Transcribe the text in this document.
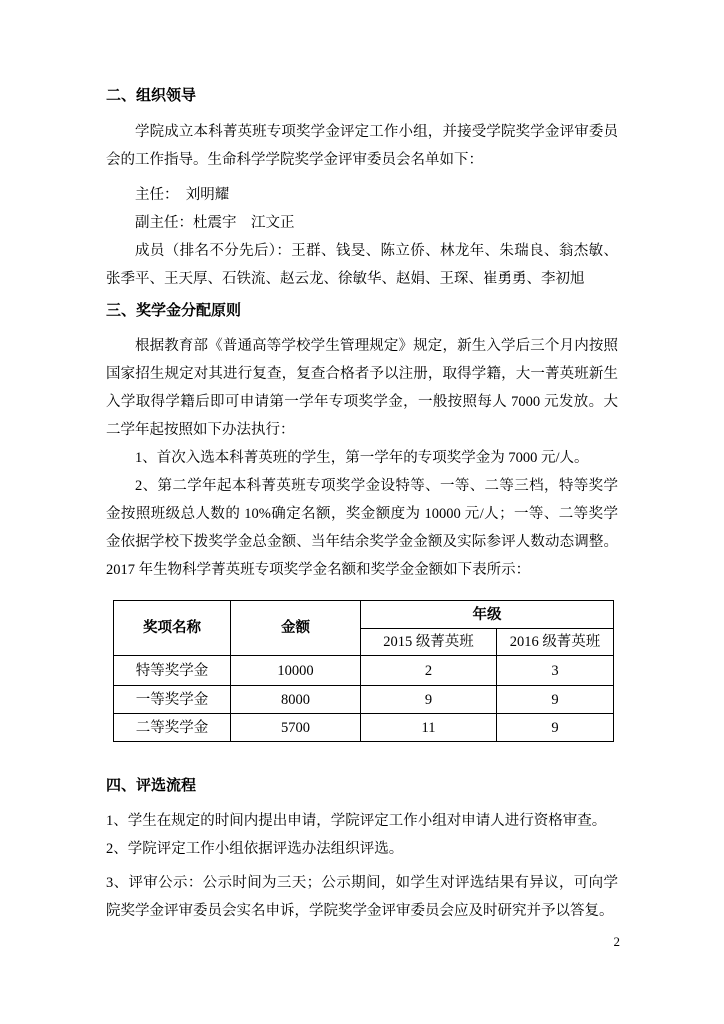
二、组织领导

学院成立本科菁英班专项奖学金评定工作小组，并接受学院奖学金评审委员会的工作指导。生命科学学院奖学金评审委员会名单如下：

主任：　刘明耀

副主任：杜震宇　江文正

成员（排名不分先后）：王群、钱旻、陈立侨、林龙年、朱瑞良、翁杰敏、张季平、王天厚、石铁流、赵云龙、徐敏华、赵娟、王琛、崔勇勇、李初旭

三、奖学金分配原则

根据教育部《普通高等学校学生管理规定》规定，新生入学后三个月内按照国家招生规定对其进行复查，复查合格者予以注册，取得学籍，大一菁英班新生入学取得学籍后即可申请第一学年专项奖学金，一般按照每人 7000 元发放。大二学年起按照如下办法执行：

1、首次入选本科菁英班的学生，第一学年的专项奖学金为 7000 元/人。

2、第二学年起本科菁英班专项奖学金设特等、一等、二等三档，特等奖学金按照班级总人数的 10%确定名额，奖金额度为 10000 元/人；一等、二等奖学金依据学校下拨奖学金总金额、当年结余奖学金金额及实际参评人数动态调整。2017 年生物科学菁英班专项奖学金名额和奖学金金额如下表所示：

奖项名称	金额	年级	
		2015 级菁英班	2016 级菁英班
特等奖学金	10000	2	3
一等奖学金	8000	9	9
二等奖学金	5700	11	9
四、评选流程

1、学生在规定的时间内提出申请，学院评定工作小组对申请人进行资格审查。

2、学院评定工作小组依据评选办法组织评选。

3、评审公示：公示时间为三天；公示期间，如学生对评选结果有异议，可向学院奖学金评审委员会实名申诉，学院奖学金评审委员会应及时研究并予以答复。

2
